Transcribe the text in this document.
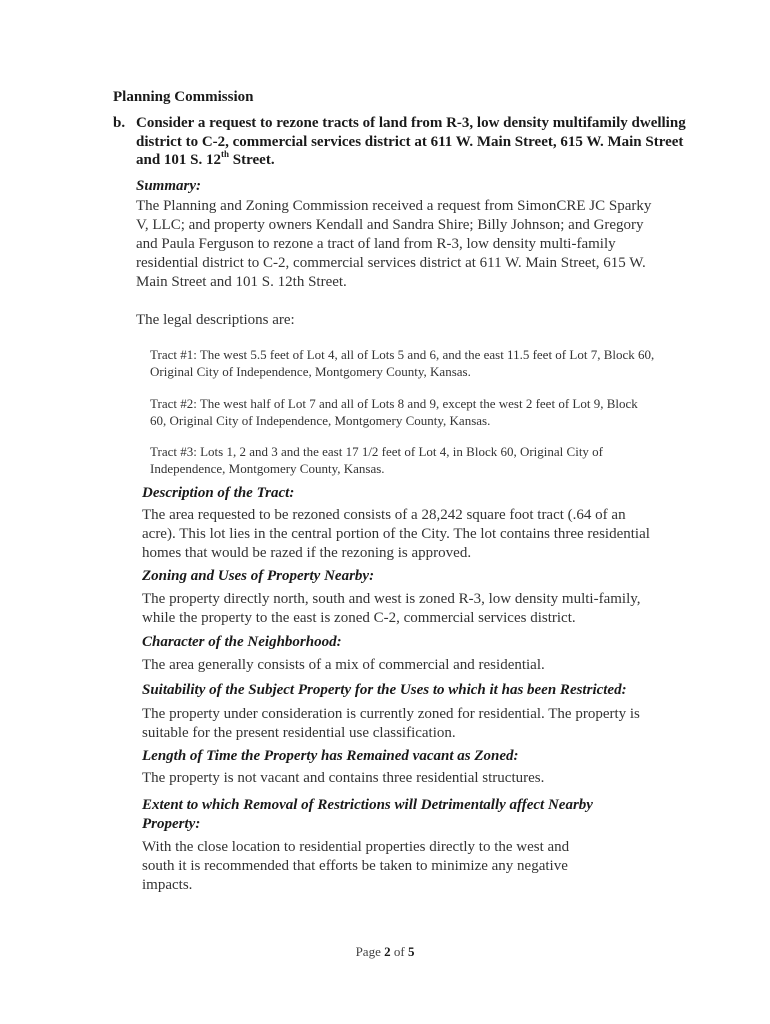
Planning Commission
b. Consider a request to rezone tracts of land from R-3, low density multifamily dwelling district to C-2, commercial services district at 611 W. Main Street, 615 W. Main Street and 101 S. 12th Street.
Summary:

The Planning and Zoning Commission received a request from SimonCRE JC Sparky V, LLC; and property owners Kendall and Sandra Shire; Billy Johnson; and Gregory and Paula Ferguson to rezone a tract of land from R-3, low density multi-family residential district to C-2, commercial services district at 611 W. Main Street, 615 W. Main Street and 101 S. 12th Street.

The legal descriptions are:

Tract #1: The west 5.5 feet of Lot 4, all of Lots 5 and 6, and the east 11.5 feet of Lot 7, Block 60, Original City of Independence, Montgomery County, Kansas.

Tract #2: The west half of Lot 7 and all of Lots 8 and 9, except the west 2 feet of Lot 9, Block 60, Original City of Independence, Montgomery County, Kansas.

Tract #3: Lots 1, 2 and 3 and the east 17 1/2 feet of Lot 4, in Block 60, Original City of Independence, Montgomery County, Kansas.

Description of the Tract:

The area requested to be rezoned consists of a 28,242 square foot tract (.64 of an acre). This lot lies in the central portion of the City. The lot contains three residential homes that would be razed if the rezoning is approved.

Zoning and Uses of Property Nearby:

The property directly north, south and west is zoned R-3, low density multi-family, while the property to the east is zoned C-2, commercial services district.

Character of the Neighborhood:

The area generally consists of a mix of commercial and residential.

Suitability of the Subject Property for the Uses to which it has been Restricted:

The property under consideration is currently zoned for residential. The property is suitable for the present residential use classification.

Length of Time the Property has Remained vacant as Zoned:

The property is not vacant and contains three residential structures.

Extent to which Removal of Restrictions will Detrimentally affect Nearby Property:

With the close location to residential properties directly to the west and south it is recommended that efforts be taken to minimize any negative impacts.

Page 2 of 5
